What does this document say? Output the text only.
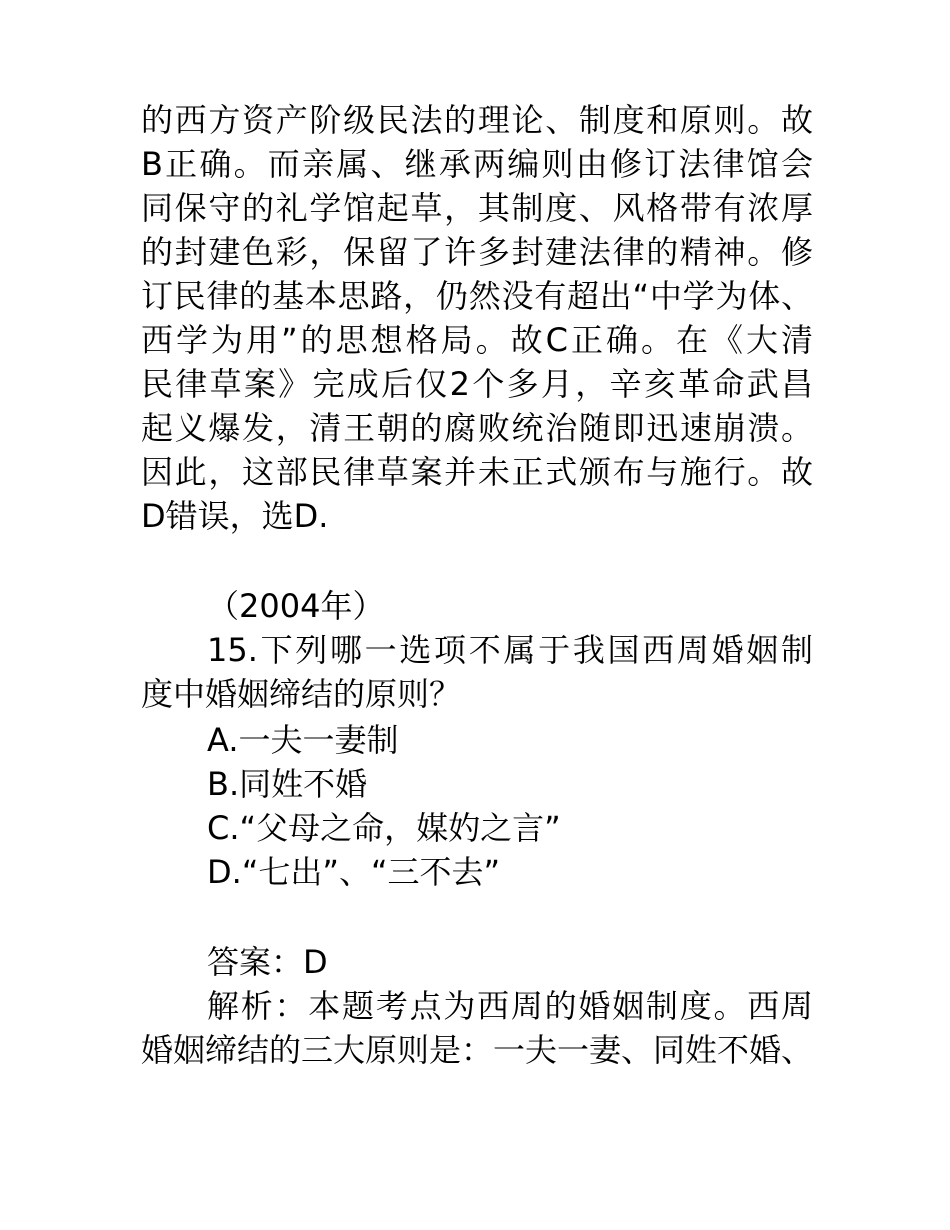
的西方资产阶级民法的理论、制度和原则。故
B正确。而亲属、继承两编则由修订法律馆会
同保守的礼学馆起草，其制度、风格带有浓厚
的封建色彩，保留了许多封建法律的精神。修
订民律的基本思路，仍然没有超出“中学为体、
西学为用”的思想格局。故C正确。在《大清
民律草案》完成后仅2个多月，辛亥革命武昌
起义爆发，清王朝的腐败统治随即迅速崩溃。
因此，这部民律草案并未正式颁布与施行。故
D错误，选D.
（2004年）
15.下列哪一选项不属于我国西周婚姻制
度中婚姻缔结的原则？
A.一夫一妻制
B.同姓不婚
C.“父母之命，媒妁之言”
D.“七出”、“三不去”
答案：D
解析：本题考点为西周的婚姻制度。西周
婚姻缔结的三大原则是：一夫一妻、同姓不婚、
